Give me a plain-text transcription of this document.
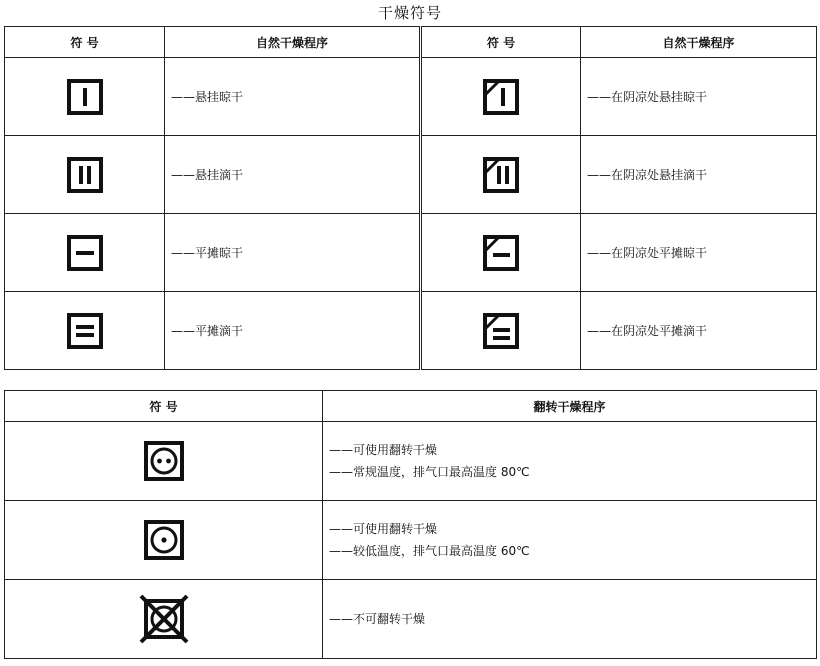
干燥符号
符 号	自然干燥程序	符 号	自然干燥程序
	——悬挂晾干		——在阴凉处悬挂晾干
	——悬挂滴干		——在阴凉处悬挂滴干
	——平摊晾干		——在阴凉处平摊晾干
	——平摊滴干		——在阴凉处平摊滴干
符 号	翻转干燥程序

——可使用翻转干燥
——常规温度，排气口最高温度 80℃

——可使用翻转干燥
——较低温度，排气口最高温度 60℃

——不可翻转干燥
